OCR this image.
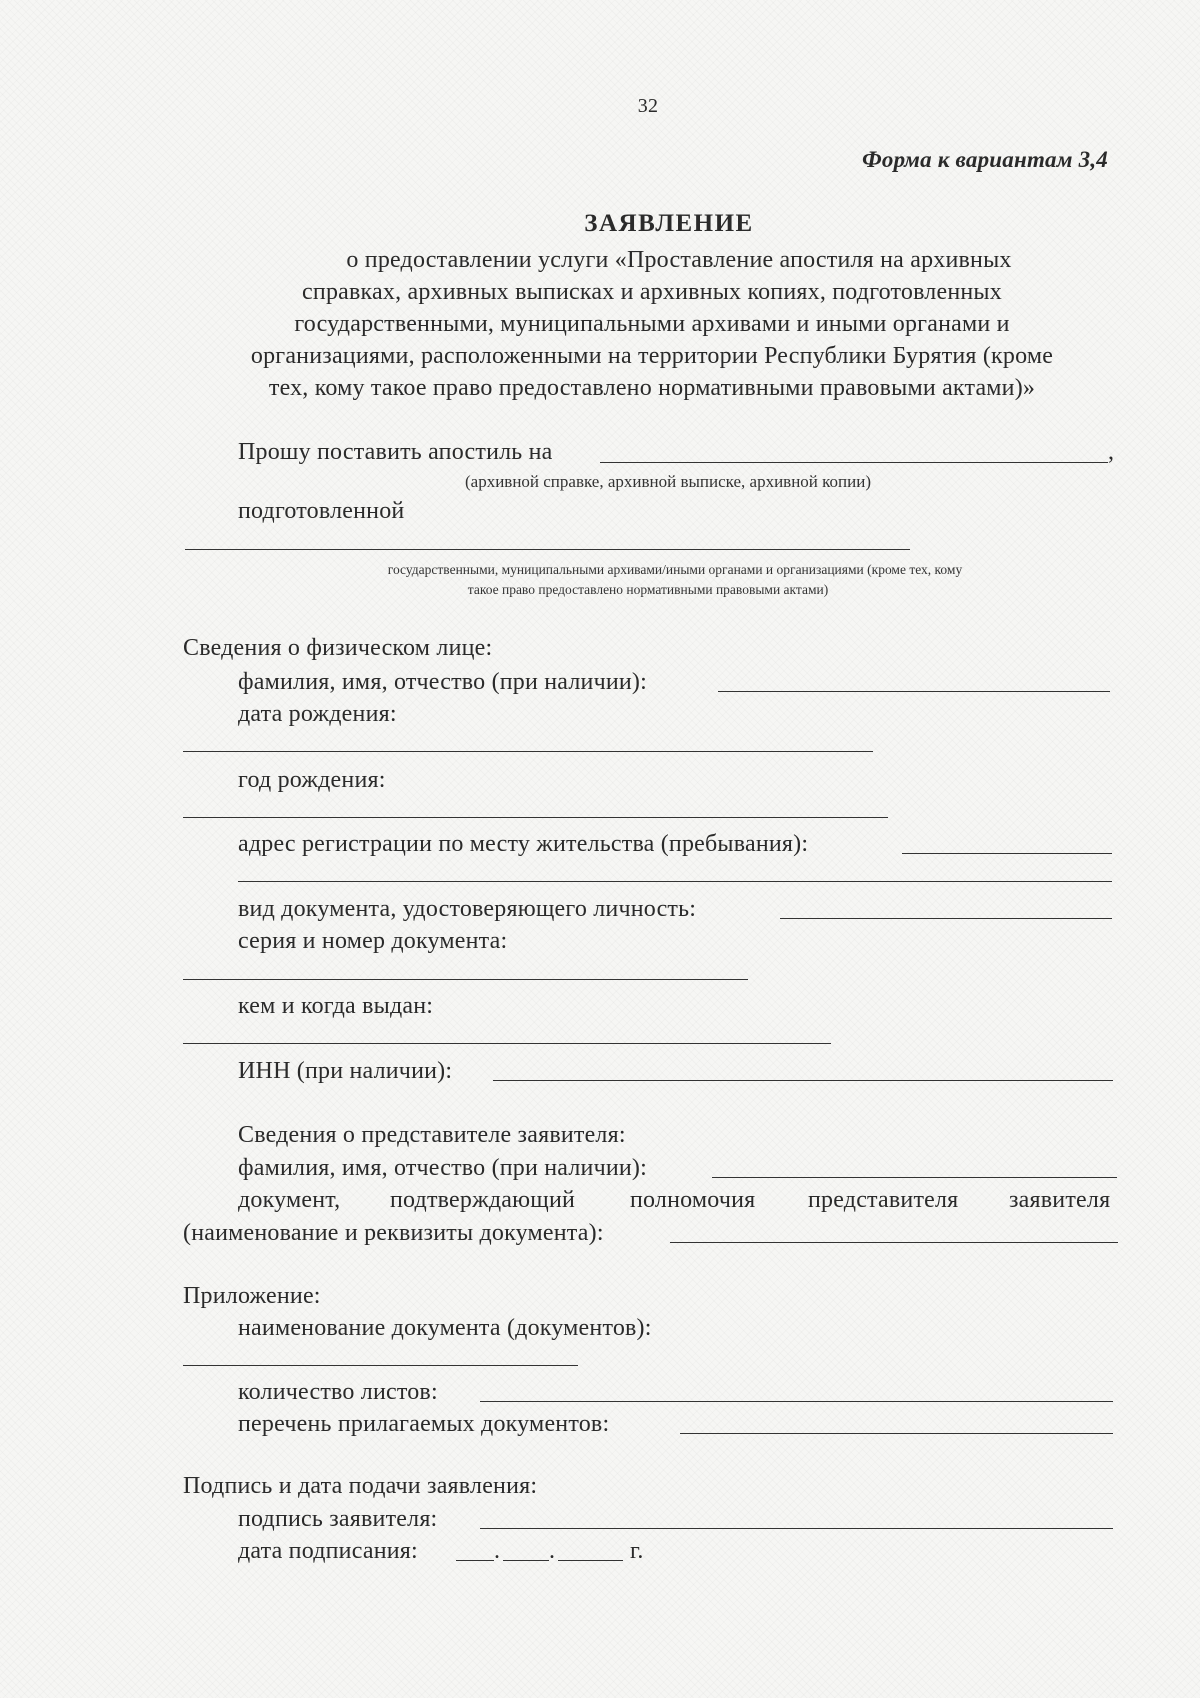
32
Форма к вариантам 3,4
ЗАЯВЛЕНИЕ
о предоставлении услуги «Проставление апостиля на архивных
справках, архивных выписках и архивных копиях, подготовленных
государственными, муниципальными архивами и иными органами и
организациями, расположенными на территории Республики Бурятия (кроме
тех, кому такое право предоставлено нормативными правовыми актами)»
Прошу поставить апостиль на	,
(архивной справке, архивной выписке, архивной копии)
подготовленной
государственными, муниципальными архивами/иными органами и организациями (кроме тех, кому
такое право предоставлено нормативными правовыми актами)
Сведения о физическом лице:
фамилия, имя, отчество (при наличии):
дата рождения:
год рождения:
адрес регистрации по месту жительства (пребывания):
вид документа, удостоверяющего личность:
серия и номер документа:
кем и когда выдан:
ИНН (при наличии):
Сведения о представителе заявителя:
фамилия, имя, отчество (при наличии):
документ, подтверждающий полномочия представителя заявителя
(наименование и реквизиты документа):
Приложение:
наименование документа (документов):
количество листов:
перечень прилагаемых документов:
Подпись и дата подачи заявления:
подпись заявителя:
дата подписания:	. .	г.
